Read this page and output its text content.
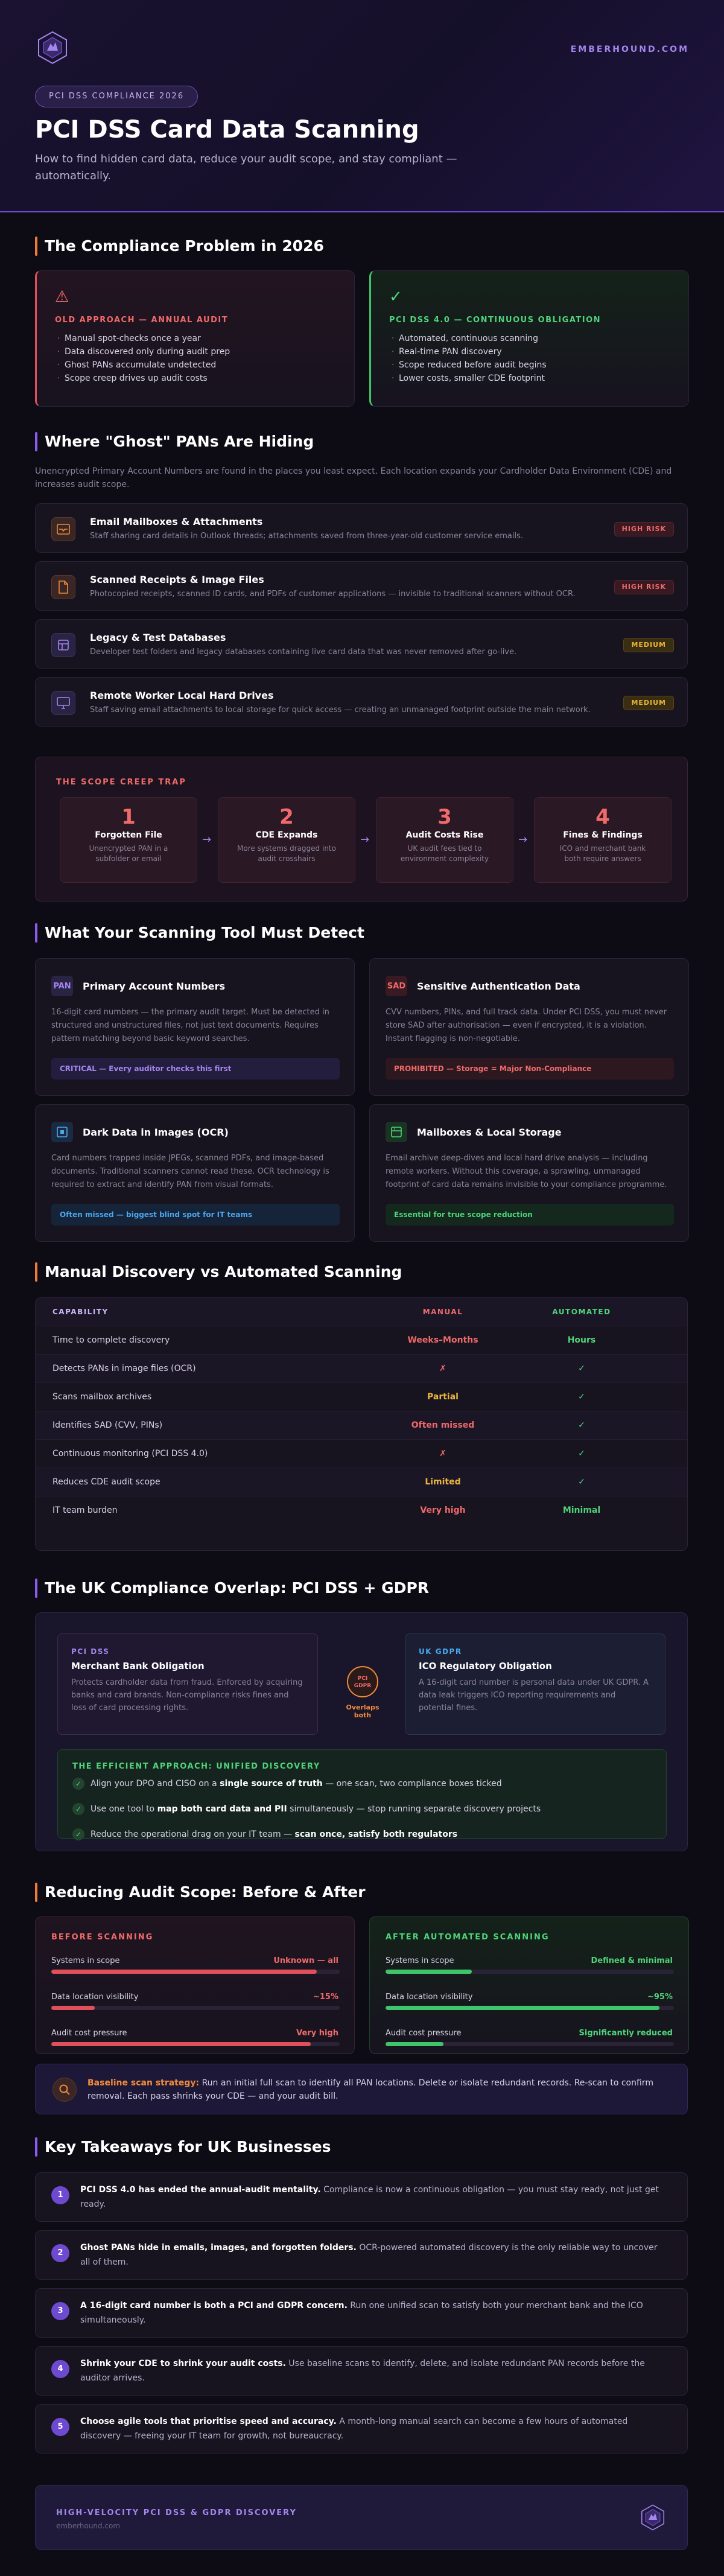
EMBERHOUND.COM
PCI DSS COMPLIANCE 2026
PCI DSS Card Data Scanning
How to find hidden card data, reduce your audit scope, and stay compliant — automatically.
The Compliance Problem in 2026
⚠
OLD APPROACH — ANNUAL AUDIT
· Manual spot-checks once a year
· Data discovered only during audit prep
· Ghost PANs accumulate undetected
· Scope creep drives up audit costs
✓
PCI DSS 4.0 — CONTINUOUS OBLIGATION
· Automated, continuous scanning
· Real-time PAN discovery
· Scope reduced before audit begins
· Lower costs, smaller CDE footprint
Where "Ghost" PANs Are Hiding
Unencrypted Primary Account Numbers are found in the places you least expect. Each location expands your Cardholder Data Environment (CDE) and increases audit scope.
Email Mailboxes & Attachments
Staff sharing card details in Outlook threads; attachments saved from three-year-old customer service emails.
HIGH RISK
Scanned Receipts & Image Files
Photocopied receipts, scanned ID cards, and PDFs of customer applications — invisible to traditional scanners without OCR.
HIGH RISK
Legacy & Test Databases
Developer test folders and legacy databases containing live card data that was never removed after go-live.
MEDIUM
Remote Worker Local Hard Drives
Staff saving email attachments to local storage for quick access — creating an unmanaged footprint outside the main network.
MEDIUM
THE SCOPE CREEP TRAP
1
Forgotten File
Unencrypted PAN in a subfolder or email
→
2
CDE Expands
More systems dragged into audit crosshairs
→
3
Audit Costs Rise
UK audit fees tied to environment complexity
→
4
Fines & Findings
ICO and merchant bank both require answers
What Your Scanning Tool Must Detect
PAN Primary Account Numbers
16-digit card numbers — the primary audit target. Must be detected in structured and unstructured files, not just text documents. Requires pattern matching beyond basic keyword searches.
CRITICAL — Every auditor checks this first
SAD Sensitive Authentication Data
CVV numbers, PINs, and full track data. Under PCI DSS, you must never store SAD after authorisation — even if encrypted, it is a violation. Instant flagging is non-negotiable.
PROHIBITED — Storage = Major Non-Compliance
Dark Data in Images (OCR)
Card numbers trapped inside JPEGs, scanned PDFs, and image-based documents. Traditional scanners cannot read these. OCR technology is required to extract and identify PAN from visual formats.
Often missed — biggest blind spot for IT teams
Mailboxes & Local Storage
Email archive deep-dives and local hard drive analysis — including remote workers. Without this coverage, a sprawling, unmanaged footprint of card data remains invisible to your compliance programme.
Essential for true scope reduction
Manual Discovery vs Automated Scanning
CAPABILITY	MANUAL	AUTOMATED
Time to complete discovery	Weeks–Months	Hours
Detects PANs in image files (OCR)	✗	✓
Scans mailbox archives	Partial	✓
Identifies SAD (CVV, PINs)	Often missed	✓
Continuous monitoring (PCI DSS 4.0)	✗	✓
Reduces CDE audit scope	Limited	✓
IT team burden	Very high	Minimal
The UK Compliance Overlap: PCI DSS + GDPR
PCI DSS
Merchant Bank Obligation
Protects cardholder data from fraud. Enforced by acquiring banks and card brands. Non-compliance risks fines and loss of card processing rights.
PCI
GDPR
Overlaps both
UK GDPR
ICO Regulatory Obligation
A 16-digit card number is personal data under UK GDPR. A data leak triggers ICO reporting requirements and potential fines.
THE EFFICIENT APPROACH: UNIFIED DISCOVERY
✓	Align your DPO and CISO on a single source of truth — one scan, two compliance boxes ticked
✓	Use one tool to map both card data and PII simultaneously — stop running separate discovery projects
✓	Reduce the operational drag on your IT team — scan once, satisfy both regulators
Reducing Audit Scope: Before & After
BEFORE SCANNING
Systems in scope	Unknown — all
Data location visibility	~15%
Audit cost pressure	Very high
AFTER AUTOMATED SCANNING
Systems in scope	Defined & minimal
Data location visibility	~95%
Audit cost pressure	Significantly reduced
Baseline scan strategy: Run an initial full scan to identify all PAN locations. Delete or isolate redundant records. Re-scan to confirm removal. Each pass shrinks your CDE — and your audit bill.
Key Takeaways for UK Businesses
1
PCI DSS 4.0 has ended the annual-audit mentality. Compliance is now a continuous obligation — you must stay ready, not just get ready.
2
Ghost PANs hide in emails, images, and forgotten folders. OCR-powered automated discovery is the only reliable way to uncover all of them.
3
A 16-digit card number is both a PCI and GDPR concern. Run one unified scan to satisfy both your merchant bank and the ICO simultaneously.
4
Shrink your CDE to shrink your audit costs. Use baseline scans to identify, delete, and isolate redundant PAN records before the auditor arrives.
5
Choose agile tools that prioritise speed and accuracy. A month-long manual search can become a few hours of automated discovery — freeing your IT team for growth, not bureaucracy.
HIGH-VELOCITY PCI DSS & GDPR DISCOVERY
emberhound.com
